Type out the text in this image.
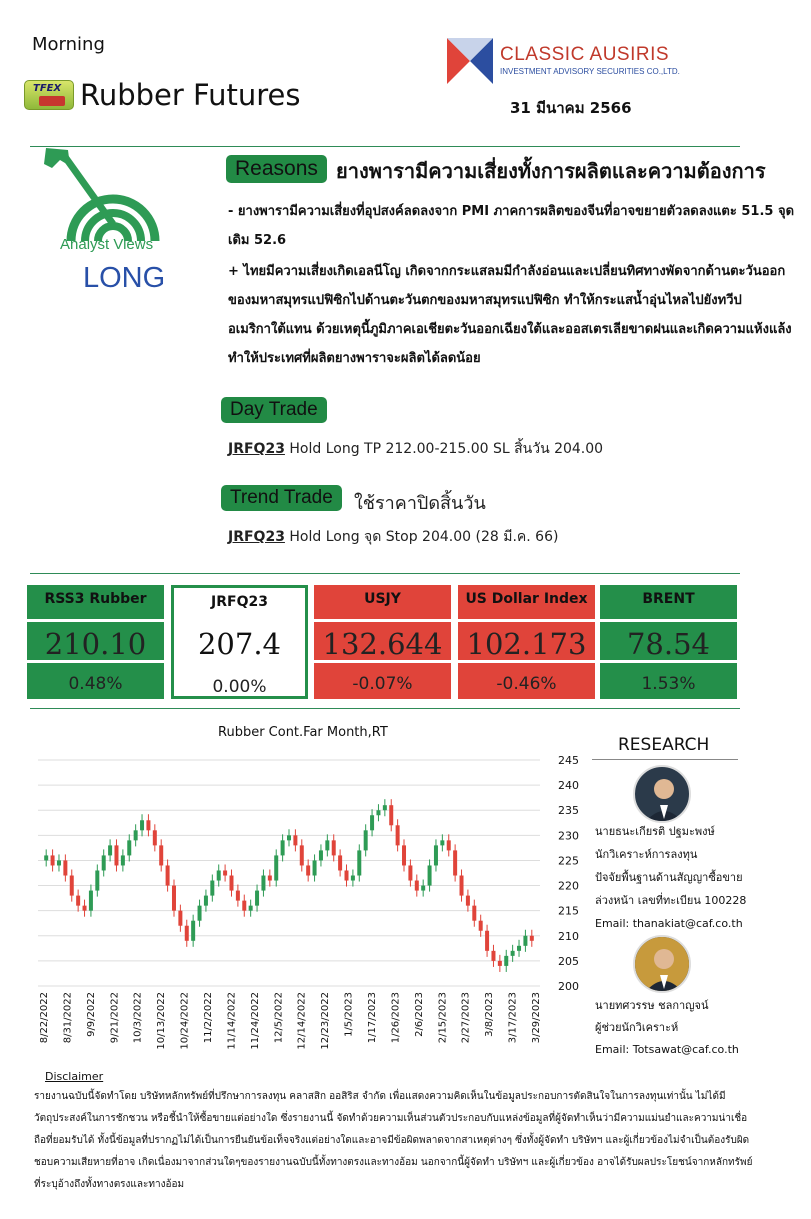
Morning
TFEX Rubber Futures
CLASSIC AUSIRIS
INVESTMENT ADVISORY SECURITIES CO.,LTD.
31 มีนาคม 2566
Analyst Views
LONG
Reasons ยางพารามีความเสี่ยงทั้งการผลิตและความต้องการ
- ยางพารามีความเสี่ยงที่อุปสงค์ลดลงจาก PMI ภาคการผลิตของจีนที่อาจขยายตัวลดลงแตะ 51.5 จุด เดิม 52.6
+ ไทยมีความเสี่ยงเกิดเอลนีโญ เกิดจากกระแสลมมีกำลังอ่อนและเปลี่ยนทิศทางพัดจากด้านตะวันออกของมหาสมุทรแปฟิซิกไปด้านตะวันตกของมหาสมุทรแปฟิซิก ทำให้กระแสน้ำอุ่นไหลไปยังทวีปอเมริกาใต้แทน ด้วยเหตุนี้ภูมิภาคเอเชียตะวันออกเฉียงใต้และออสเตรเลียขาดฝนและเกิดความแห้งแล้ง ทำให้ประเทศที่ผลิตยางพาราจะผลิตได้ลดน้อย
Day Trade
JRFQ23 Hold Long TP 212.00-215.00 SL สิ้นวัน 204.00
Trend Trade	ใช้ราคาปิดสิ้นวัน
JRFQ23 Hold Long จุด Stop 204.00 (28 มี.ค. 66)
RSS3 Rubber
210.10
0.48%
JRFQ23
207.4
0.00%
USJY
132.644
-0.07%
US Dollar Index
102.173
-0.46%
BRENT
78.54
1.53%
Rubber Cont.Far Month,RT
200
205
210
215
220
225
230
235
240
245
8/22/2022 8/31/2022 9/9/2022 9/21/2022 10/3/2022 10/13/2022 10/24/2022 11/2/2022 11/14/2022 11/24/2022 12/5/2022 12/14/2022 12/23/2022 1/5/2023 1/17/2023 1/26/2023 2/6/2023 2/15/2023 2/27/2023 3/8/2023 3/17/2023 3/29/2023
RESEARCH
นายธนะเกียรติ ปฐมะพงษ์
นักวิเคราะห์การลงทุน
ปัจจัยพื้นฐานด้านสัญญาซื้อขาย
ล่วงหน้า เลขที่ทะเบียน 100228
Email: thanakiat@caf.co.th
นายทศวรรษ ชลกาญจน์
ผู้ช่วยนักวิเคราะห์
Email: Totsawat@caf.co.th
Disclaimer
รายงานฉบับนี้จัดทำโดย บริษัทหลักทรัพย์ที่ปรึกษาการลงทุน คลาสสิก ออสิริส จำกัด เพื่อแสดงความคิดเห็นในข้อมูลประกอบการตัดสินใจในการลงทุนเท่านั้น ไม่ได้มีวัตถุประสงค์ในการชักชวน หรือชี้นำให้ซื้อขายแต่อย่างใด ซึ่งรายงานนี้ จัดทำด้วยความเห็นส่วนตัวประกอบกับแหล่งข้อมูลที่ผู้จัดทำเห็นว่ามีความแม่นยำและความน่าเชื่อถือที่ยอมรับได้ ทั้งนี้ข้อมูลที่ปรากฏไม่ได้เป็นการยืนยันข้อเท็จจริงแต่อย่างใดและอาจมีข้อผิดพลาดจากสาเหตุต่างๆ ซึ่งทั้งผู้จัดทำ บริษัทฯ และผู้เกี่ยวข้องไม่จำเป็นต้องรับผิดชอบความเสียหายที่อาจ เกิดเนื่องมาจากส่วนใดๆของรายงานฉบับนี้ทั้งทางตรงและทางอ้อม นอกจากนี้ผู้จัดทำ บริษัทฯ และผู้เกี่ยวข้อง อาจได้รับผลประโยชน์จากหลักทรัพย์ที่ระบุอ้างถึงทั้งทางตรงและทางอ้อม
